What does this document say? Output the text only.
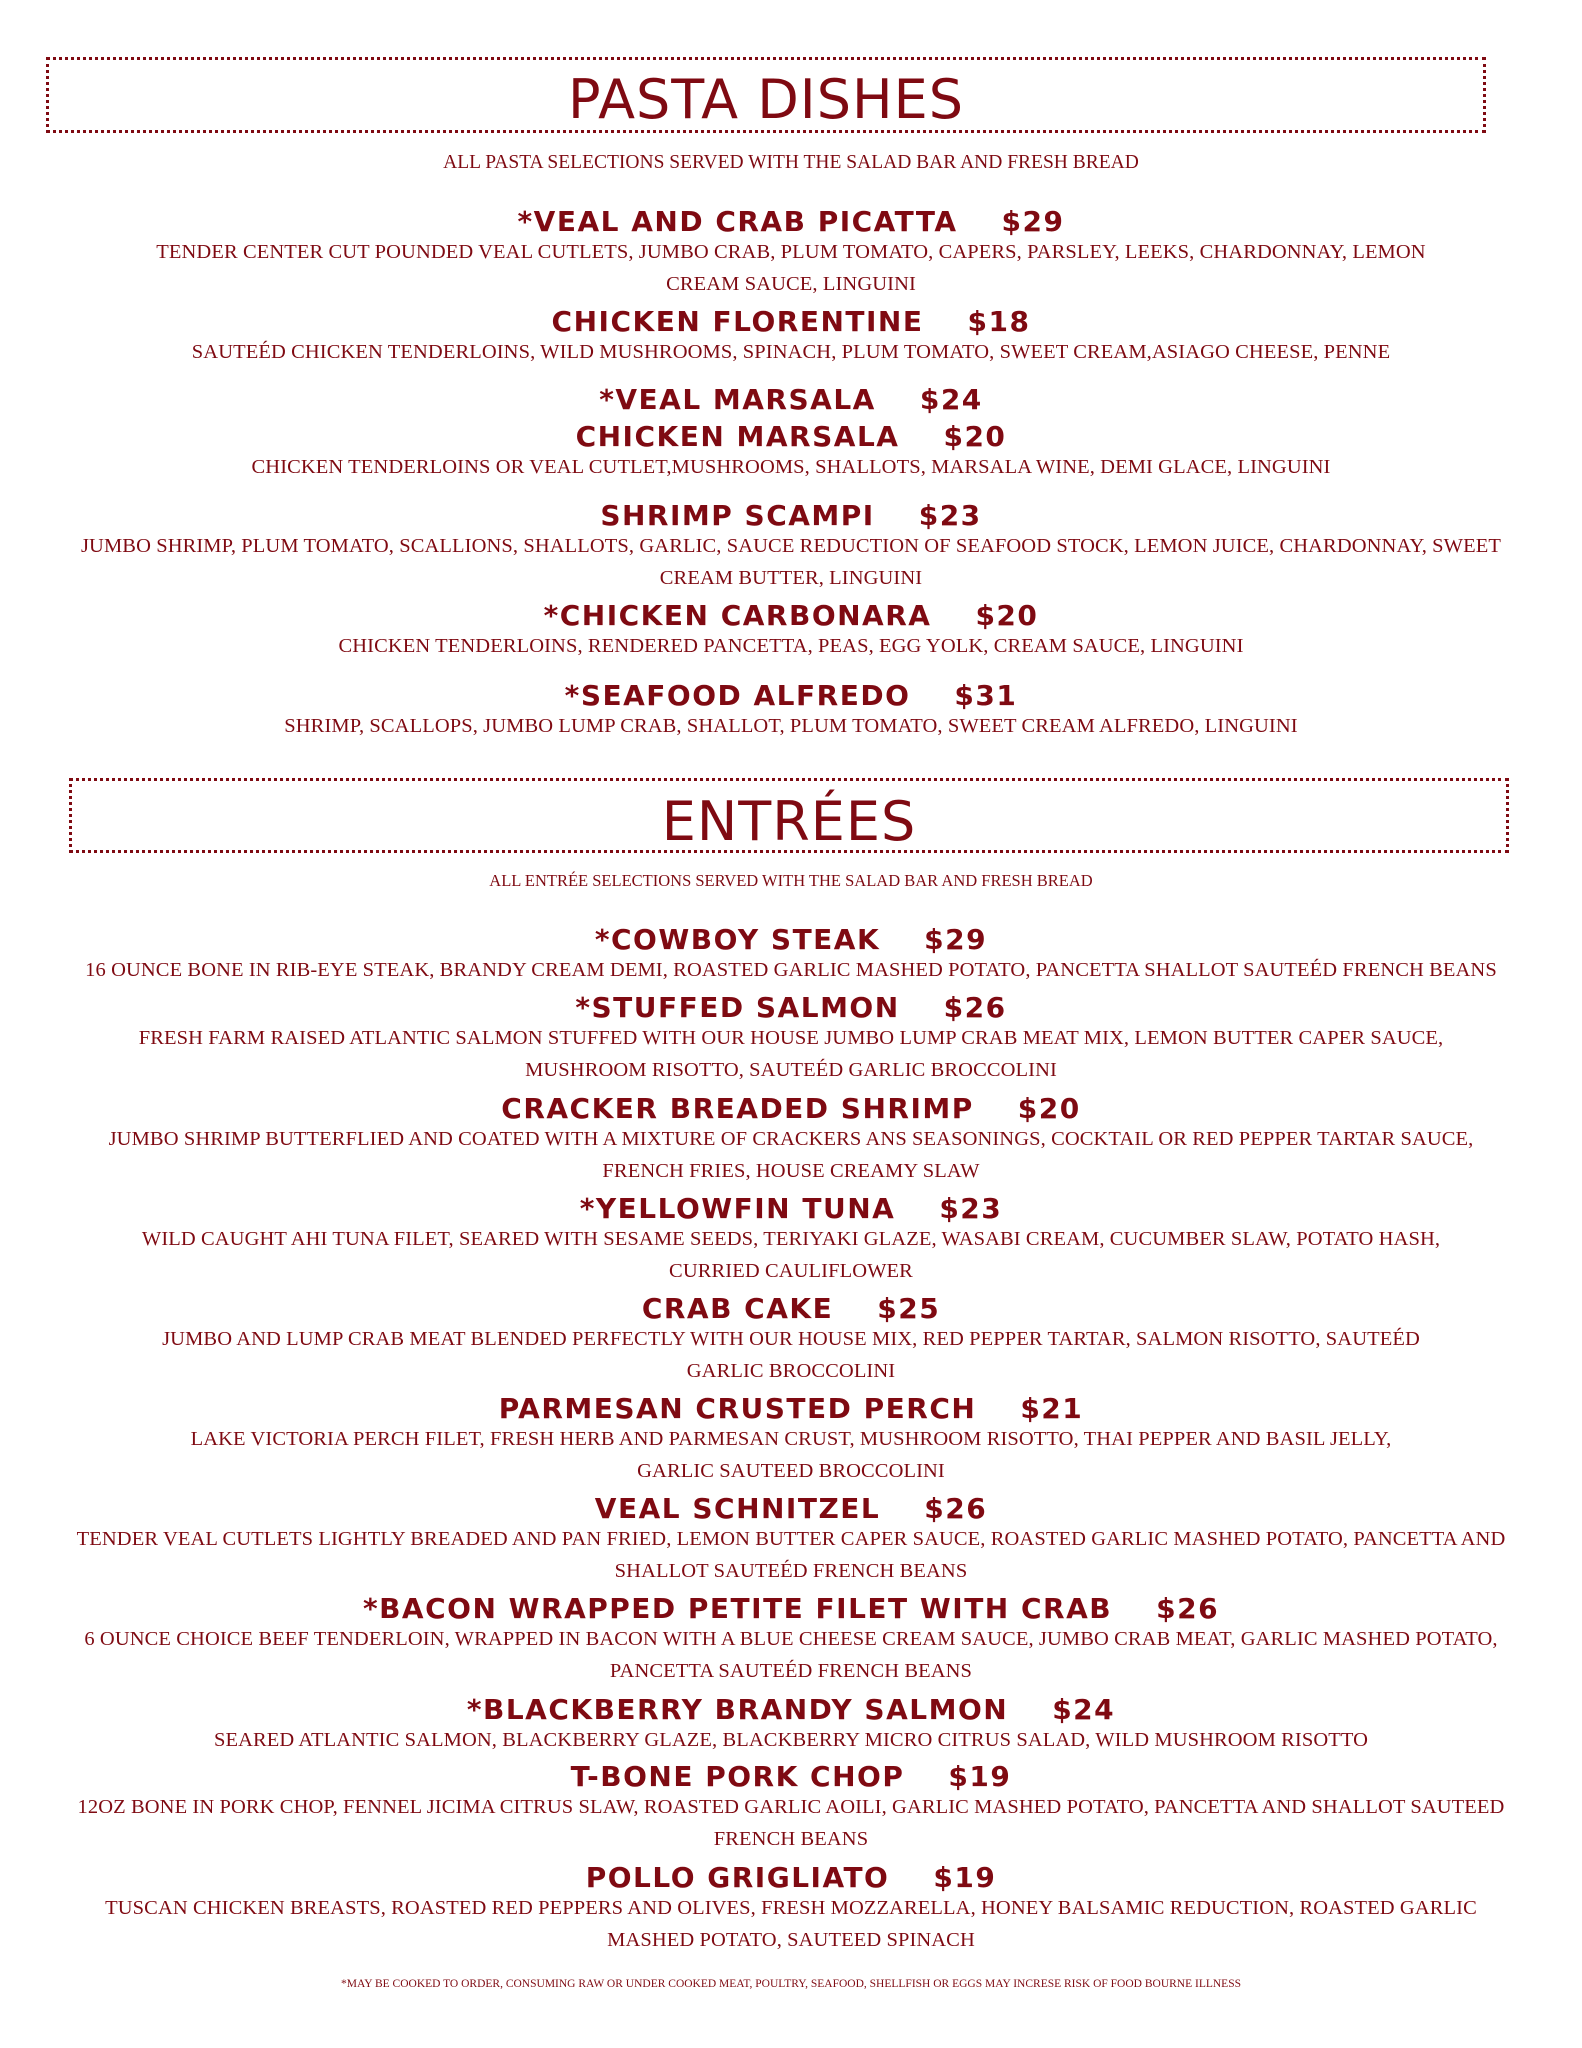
PASTA DISHES
ALL PASTA SELECTIONS SERVED WITH THE SALAD BAR AND FRESH BREAD
*VEAL AND CRAB PICATTA $29
TENDER CENTER CUT POUNDED VEAL CUTLETS, JUMBO CRAB, PLUM TOMATO, CAPERS, PARSLEY, LEEKS, CHARDONNAY, LEMON CREAM SAUCE, LINGUINI
CHICKEN FLORENTINE $18
SAUTEÉD CHICKEN TENDERLOINS, WILD MUSHROOMS, SPINACH, PLUM TOMATO, SWEET CREAM,ASIAGO CHEESE, PENNE
*VEAL MARSALA $24
CHICKEN MARSALA $20
CHICKEN TENDERLOINS OR VEAL CUTLET,MUSHROOMS, SHALLOTS, MARSALA WINE, DEMI GLACE, LINGUINI
SHRIMP SCAMPI $23
JUMBO SHRIMP, PLUM TOMATO, SCALLIONS, SHALLOTS, GARLIC, SAUCE REDUCTION OF SEAFOOD STOCK, LEMON JUICE, CHARDONNAY, SWEET CREAM BUTTER, LINGUINI
*CHICKEN CARBONARA $20
CHICKEN TENDERLOINS, RENDERED PANCETTA, PEAS, EGG YOLK, CREAM SAUCE, LINGUINI
*SEAFOOD ALFREDO $31
SHRIMP, SCALLOPS, JUMBO LUMP CRAB, SHALLOT, PLUM TOMATO, SWEET CREAM ALFREDO, LINGUINI
ENTRÉES
ALL ENTRÉE SELECTIONS SERVED WITH THE SALAD BAR AND FRESH BREAD
*COWBOY STEAK $29
16 OUNCE BONE IN RIB-EYE STEAK, BRANDY CREAM DEMI, ROASTED GARLIC MASHED POTATO, PANCETTA SHALLOT SAUTEÉD FRENCH BEANS
*STUFFED SALMON $26
FRESH FARM RAISED ATLANTIC SALMON STUFFED WITH OUR HOUSE JUMBO LUMP CRAB MEAT MIX, LEMON BUTTER CAPER SAUCE, MUSHROOM RISOTTO, SAUTEÉD GARLIC BROCCOLINI
CRACKER BREADED SHRIMP $20
JUMBO SHRIMP BUTTERFLIED AND COATED WITH A MIXTURE OF CRACKERS ANS SEASONINGS, COCKTAIL OR RED PEPPER TARTAR SAUCE, FRENCH FRIES, HOUSE CREAMY SLAW
*YELLOWFIN TUNA $23
WILD CAUGHT AHI TUNA FILET, SEARED WITH SESAME SEEDS, TERIYAKI GLAZE, WASABI CREAM, CUCUMBER SLAW, POTATO HASH, CURRIED CAULIFLOWER
CRAB CAKE $25
JUMBO AND LUMP CRAB MEAT BLENDED PERFECTLY WITH OUR HOUSE MIX, RED PEPPER TARTAR, SALMON RISOTTO, SAUTEÉD GARLIC BROCCOLINI
PARMESAN CRUSTED PERCH $21
LAKE VICTORIA PERCH FILET, FRESH HERB AND PARMESAN CRUST, MUSHROOM RISOTTO, THAI PEPPER AND BASIL JELLY, GARLIC SAUTEED BROCCOLINI
VEAL SCHNITZEL $26
TENDER VEAL CUTLETS LIGHTLY BREADED AND PAN FRIED, LEMON BUTTER CAPER SAUCE, ROASTED GARLIC MASHED POTATO, PANCETTA AND SHALLOT SAUTEÉD FRENCH BEANS
*BACON WRAPPED PETITE FILET WITH CRAB $26
6 OUNCE CHOICE BEEF TENDERLOIN, WRAPPED IN BACON WITH A BLUE CHEESE CREAM SAUCE, JUMBO CRAB MEAT, GARLIC MASHED POTATO, PANCETTA SAUTEÉD FRENCH BEANS
*BLACKBERRY BRANDY SALMON $24
SEARED ATLANTIC SALMON, BLACKBERRY GLAZE, BLACKBERRY MICRO CITRUS SALAD, WILD MUSHROOM RISOTTO
T-BONE PORK CHOP $19
12OZ BONE IN PORK CHOP, FENNEL JICIMA CITRUS SLAW, ROASTED GARLIC AOILI, GARLIC MASHED POTATO, PANCETTA AND SHALLOT SAUTEED FRENCH BEANS
POLLO GRIGLIATO $19
TUSCAN CHICKEN BREASTS, ROASTED RED PEPPERS AND OLIVES, FRESH MOZZARELLA, HONEY BALSAMIC REDUCTION, ROASTED GARLIC MASHED POTATO, SAUTEED SPINACH
*MAY BE COOKED TO ORDER, CONSUMING RAW OR UNDER COOKED MEAT, POULTRY, SEAFOOD, SHELLFISH OR EGGS MAY INCRESE RISK OF FOOD BOURNE ILLNESS
